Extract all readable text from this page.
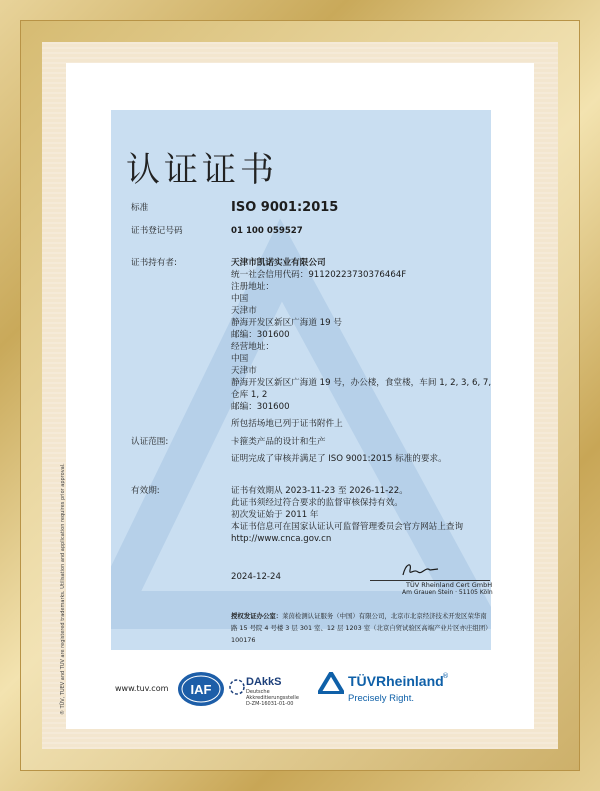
认证证书
标准	ISO 9001:2015
证书登记号码	01 100 059527
证书持有者:	天津市凯诺实业有限公司
统一社会信用代码：91120223730376464F
注册地址：
中国
天津市
静海开发区新区广海道 19 号
邮编：301600
经营地址：
中国
天津市
静海开发区新区广海道 19 号，办公楼，食堂楼，车间 1, 2, 3, 6, 7,
仓库 1, 2
邮编：301600
所包括场地已列于证书附件上
认证范围:	卡箍类产品的设计和生产
证明完成了审核并满足了 ISO 9001:2015 标准的要求。
有效期:	证书有效期从 2023-11-23 至 2026-11-22。
此证书须经过符合要求的监督审核保持有效。
初次发证始于 2011 年
本证书信息可在国家认证认可监督管理委员会官方网站上查询
http://www.cnca.gov.cn
2024-12-24
TÜV Rheinland Cert GmbH
Am Grauen Stein · 51105 Köln
授权发证办公室：莱茵检测认证服务（中国）有限公司，北京市北京经济技术开发区荣华南
路 15 号院 4 号楼 3 层 301 室、12 层 1203 室（北京自贸试验区高端产业片区亦庄组团）
100176
® TÜV, TUEV and TUV are registered trademarks. Utilisation and application requires prior approval.	www.tuv.com IAF	DAkkS
Deutsche
Akkreditierungsstelle
D-ZM-16031-01-00
TÜVRheinland
®
Precisely Right.
